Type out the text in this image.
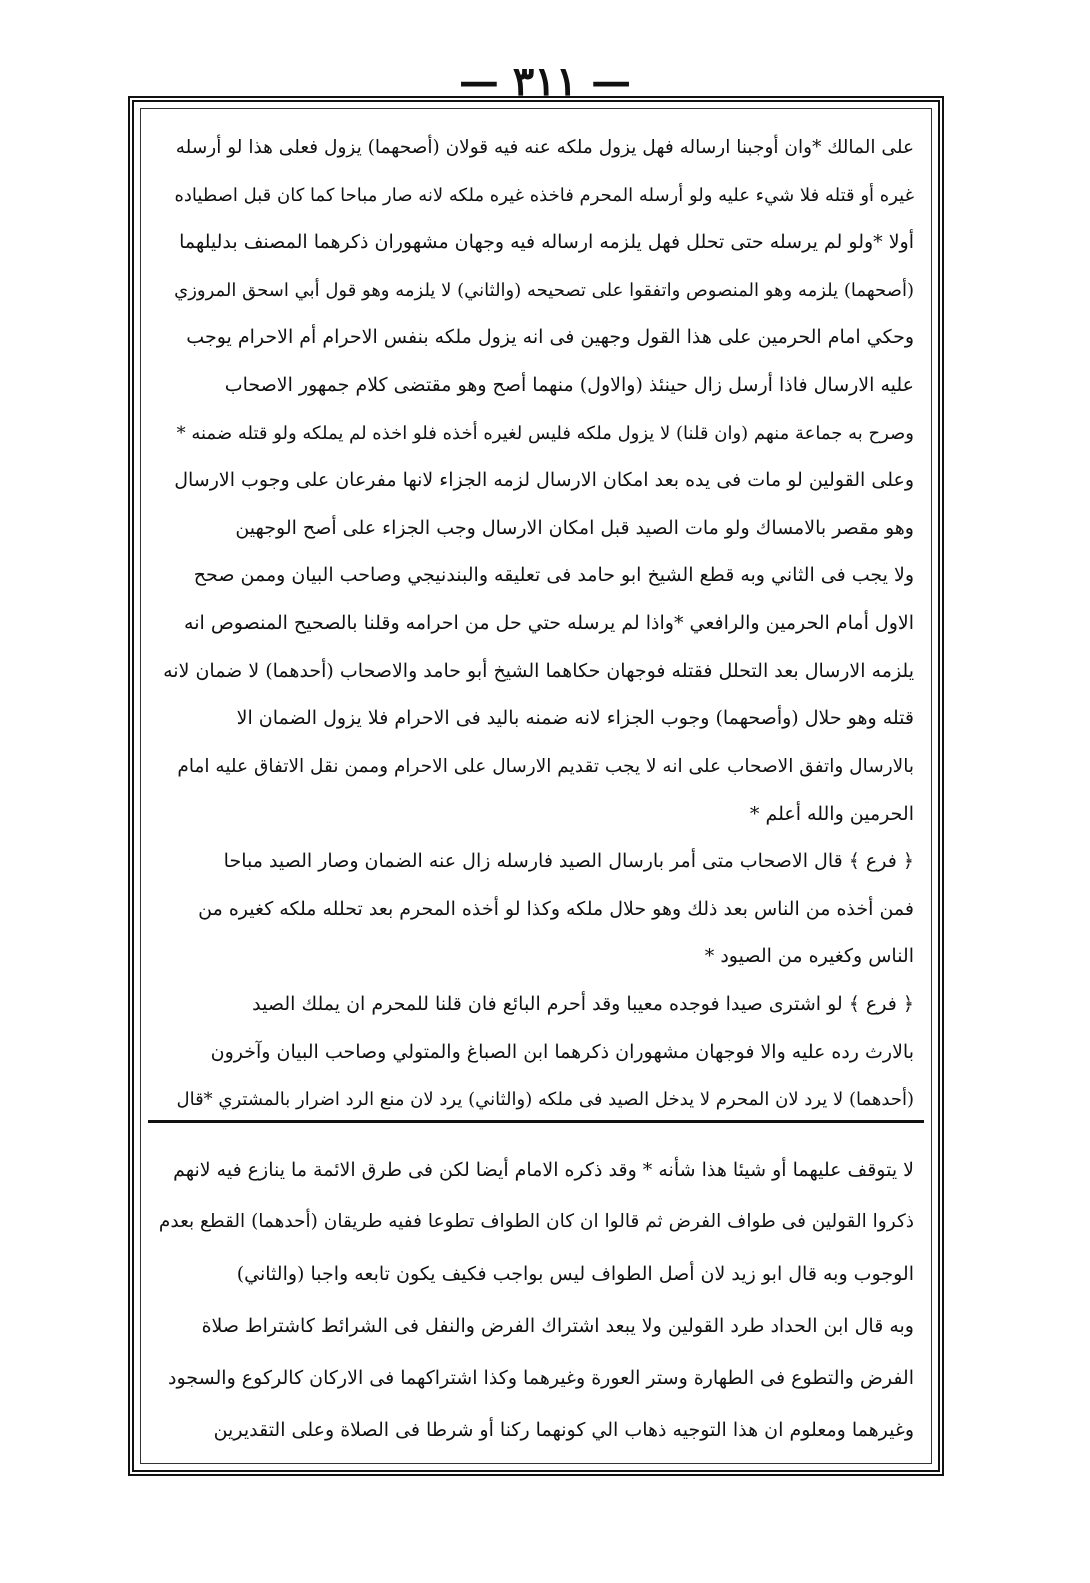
— ٣١١ —
على المالك *وان أوجبنا ارساله فهل يزول ملكه عنه فيه قولان (أصحهما) يزول فعلى هذا لو أرسله
غيره أو قتله فلا شيء عليه ولو أرسله المحرم فاخذه غيره ملكه لانه صار مباحا كما كان قبل اصطياده
أولا *ولو لم يرسله حتى تحلل فهل يلزمه ارساله فيه وجهان مشهوران ذكرهما المصنف بدليلهما
(أصحهما) يلزمه وهو المنصوص واتفقوا على تصحيحه (والثاني) لا يلزمه وهو قول أبي اسحق المروزي
وحكي امام الحرمين على هذا القول وجهين فى انه يزول ملكه بنفس الاحرام أم الاحرام يوجب
عليه الارسال فاذا أرسل زال حينئذ (والاول) منهما أصح وهو مقتضى كلام جمهور الاصحاب
وصرح به جماعة منهم (وان قلنا) لا يزول ملكه فليس لغيره أخذه فلو اخذه لم يملكه ولو قتله ضمنه *
وعلى القولين لو مات فى يده بعد امكان الارسال لزمه الجزاء لانها مفرعان على وجوب الارسال
وهو مقصر بالامساك ولو مات الصيد قبل امكان الارسال وجب الجزاء على أصح الوجهين
ولا يجب فى الثاني وبه قطع الشيخ ابو حامد فى تعليقه والبندنيجي وصاحب البيان وممن صحح
الاول أمام الحرمين والرافعي *واذا لم يرسله حتي حل من احرامه وقلنا بالصحيح المنصوص انه
يلزمه الارسال بعد التحلل فقتله فوجهان حكاهما الشيخ أبو حامد والاصحاب (أحدهما) لا ضمان لانه
قتله وهو حلال (وأصحهما) وجوب الجزاء لانه ضمنه باليد فى الاحرام فلا يزول الضمان الا
بالارسال واتفق الاصحاب على انه لا يجب تقديم الارسال على الاحرام وممن نقل الاتفاق عليه امام
الحرمين والله أعلم *
﴿ فرع ﴾ قال الاصحاب متى أمر بارسال الصيد فارسله زال عنه الضمان وصار الصيد مباحا
فمن أخذه من الناس بعد ذلك وهو حلال ملكه وكذا لو أخذه المحرم بعد تحلله ملكه كغيره من
الناس وكغيره من الصيود *
﴿ فرع ﴾ لو اشترى صيدا فوجده معيبا وقد أحرم البائع فان قلنا للمحرم ان يملك الصيد
بالارث رده عليه والا فوجهان مشهوران ذكرهما ابن الصباغ والمتولي وصاحب البيان وآخرون
(أحدهما) لا يرد لان المحرم لا يدخل الصيد فى ملكه (والثاني) يرد لان منع الرد اضرار بالمشتري *قال
لا يتوقف عليهما أو شيئا هذا شأنه * وقد ذكره الامام أيضا لكن فى طرق الائمة ما ينازع فيه لانهم
ذكروا القولين فى طواف الفرض ثم قالوا ان كان الطواف تطوعا ففيه طريقان (أحدهما) القطع بعدم
الوجوب وبه قال ابو زيد لان أصل الطواف ليس بواجب فكيف يكون تابعه واجبا (والثاني)
وبه قال ابن الحداد طرد القولين ولا يبعد اشتراك الفرض والنفل فى الشرائط كاشتراط صلاة
الفرض والتطوع فى الطهارة وستر العورة وغيرهما وكذا اشتراكهما فى الاركان كالركوع والسجود
وغيرهما ومعلوم ان هذا التوجيه ذهاب الي كونهما ركنا أو شرطا فى الصلاة وعلى التقديرين
